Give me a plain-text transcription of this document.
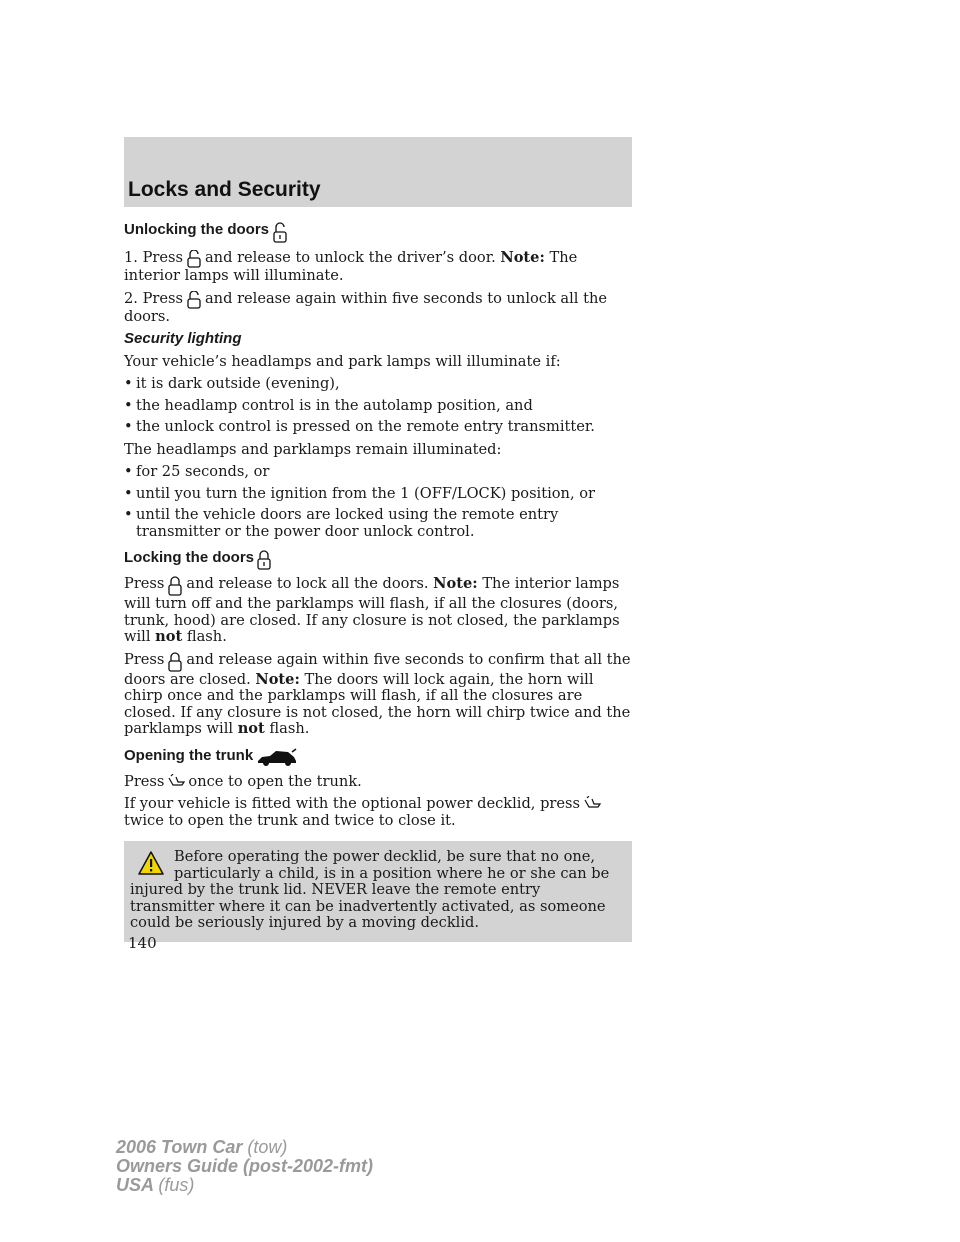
Locks and Security
Unlocking the doors

1. Press and release to unlock the driver’s door. Note: The interior lamps will illuminate.

2. Press and release again within five seconds to unlock all the doors.

Security lighting

Your vehicle’s headlamps and park lamps will illuminate if:

• it is dark outside (evening),
• the headlamp control is in the autolamp position, and
• the unlock control is pressed on the remote entry transmitter.

The headlamps and parklamps remain illuminated:

• for 25 seconds, or
• until you turn the ignition from the 1 (OFF/LOCK) position, or
• until the vehicle doors are locked using the remote entry transmitter or the power door unlock control.
Locking the doors

Press and release to lock all the doors. Note: The interior lamps will turn off and the parklamps will flash, if all the closures (doors, trunk, hood) are closed. If any closure is not closed, the parklamps will not flash.

Press and release again within five seconds to confirm that all the doors are closed. Note: The doors will lock again, the horn will chirp once and the parklamps will flash, if all the closures are closed. If any closure is not closed, the horn will chirp twice and the parklamps will not flash.

Opening the trunk

Press once to open the trunk.

If your vehicle is fitted with the optional power decklid, presstwice to open the trunk and twice to close it.

Before operating the power decklid, be sure that no one, particularly a child, is in a position where he or she can be
injured by the trunk lid. NEVER leave the remote entry transmitter where it can be inadvertently activated, as someone could be seriously injured by a moving decklid.
140
2006 Town Car (tow)
Owners Guide (post-2002-fmt)
USA (fus)
